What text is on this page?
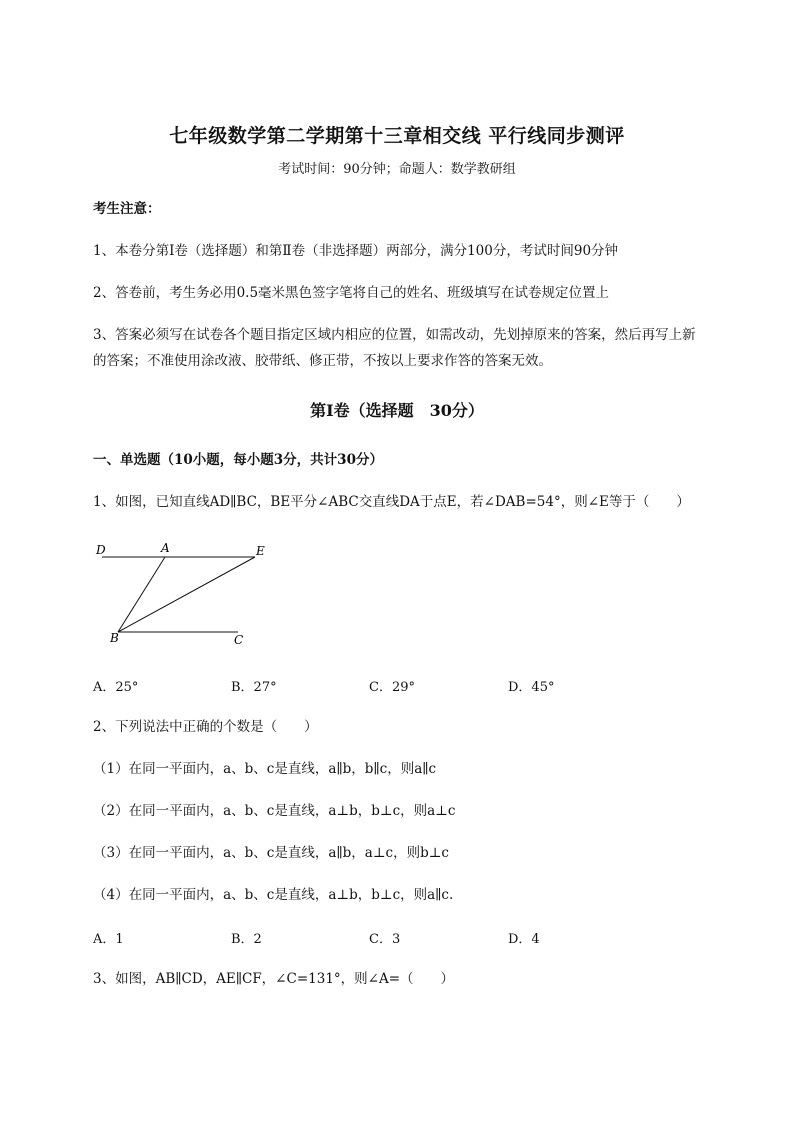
七年级数学第二学期第十三章相交线 平行线同步测评
考试时间：90分钟；命题人：数学教研组
考生注意：
1、本卷分第I卷（选择题）和第Ⅱ卷（非选择题）两部分，满分100分，考试时间90分钟
2、答卷前，考生务必用0.5毫米黑色签字笔将自己的姓名、班级填写在试卷规定位置上
3、答案必须写在试卷各个题目指定区域内相应的位置，如需改动，先划掉原来的答案，然后再写上新
的答案；不准使用涂改液、胶带纸、修正带，不按以上要求作答的答案无效。
第I卷（选择题　30分）
一、单选题（10小题，每小题3分，共计30分）
1、如图，已知直线AD∥BC，BE平分∠ABC交直线DA于点E，若∠DAB=54°，则∠E等于（　　）
D	A	E
B	C
A．25°	B．27°	C．29°	D．45°
2、下列说法中正确的个数是（　　）
（1）在同一平面内，a、b、c是直线，a∥b，b∥c，则a∥c
（2）在同一平面内，a、b、c是直线，a⊥b，b⊥c，则a⊥c
（3）在同一平面内，a、b、c是直线，a∥b，a⊥c，则b⊥c
（4）在同一平面内，a、b、c是直线，a⊥b，b⊥c，则a∥c.
A．1	B．2	C．3	D．4
3、如图，AB∥CD，AE∥CF，∠C=131°，则∠A=（　　）
